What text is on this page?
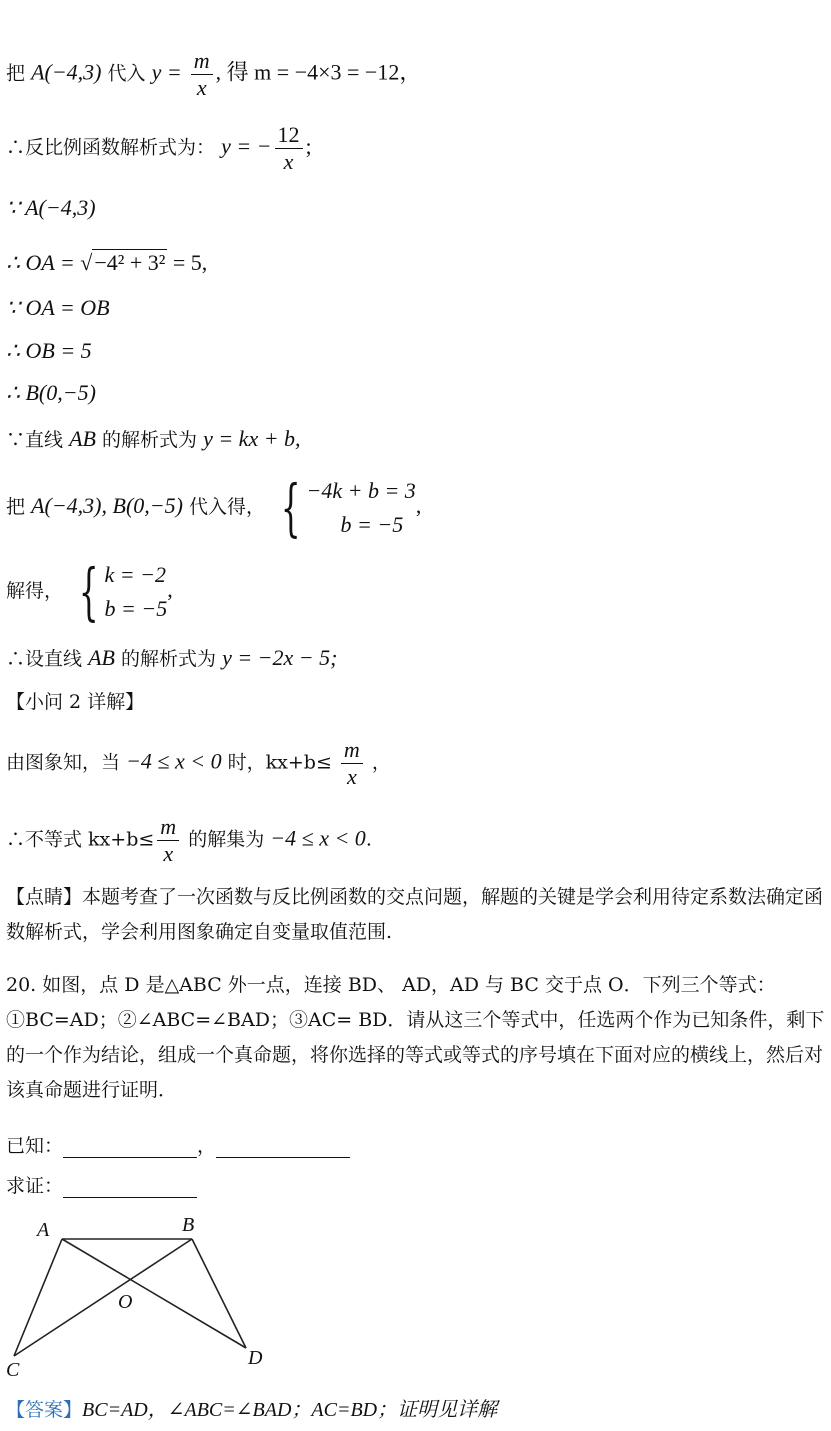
把 A(−4,3) 代入 $y = \frac{m}{x}$ , 得 m = −4×3 = −12，
∴反比例函数解析式为： y = − $\frac{12}{x}$ ;
∵ A(−4,3)
∴ OA = √−4² + 3² = 5,
∵ OA = OB
∴ OB = 5
∴ B(0,−5)
∵直线 AB 的解析式为 y = kx + b,
把 A(−4,3), B(0,−5) 代入得， { −4k + b = 3
b = −5
,
解得， { k = −2
b = −5
,
∴设直线 AB 的解析式为 y = −2x − 5;
【小问 2 详解】
由图象知，当 −4 ≤ x < 0 时，$kx+b\le \frac{m}{x}$ ，
∴不等式 $kx+b\le \frac{m}{x}$ 的解集为 −4 ≤ x < 0.
【点睛】本题考查了一次函数与反比例函数的交点问题，解题的关键是学会利用待定系数法确定函数解析式，学会利用图象确定自变量取值范围.
20. 如图，点 D 是△ABC 外一点，连接 BD、 AD，AD 与 BC 交于点 O．下列三个等式：①BC=AD；②∠ABC=∠BAD；③AC= BD．请从这三个等式中，任选两个作为已知条件，剩下的一个作为结论，组成一个真命题，将你选择的等式或等式的序号填在下面对应的横线上，然后对该真命题进行证明．
已知：	，
求证：
A	B
C
D
O
【答案】BC=AD，∠ABC=∠BAD；AC=BD；证明见详解
